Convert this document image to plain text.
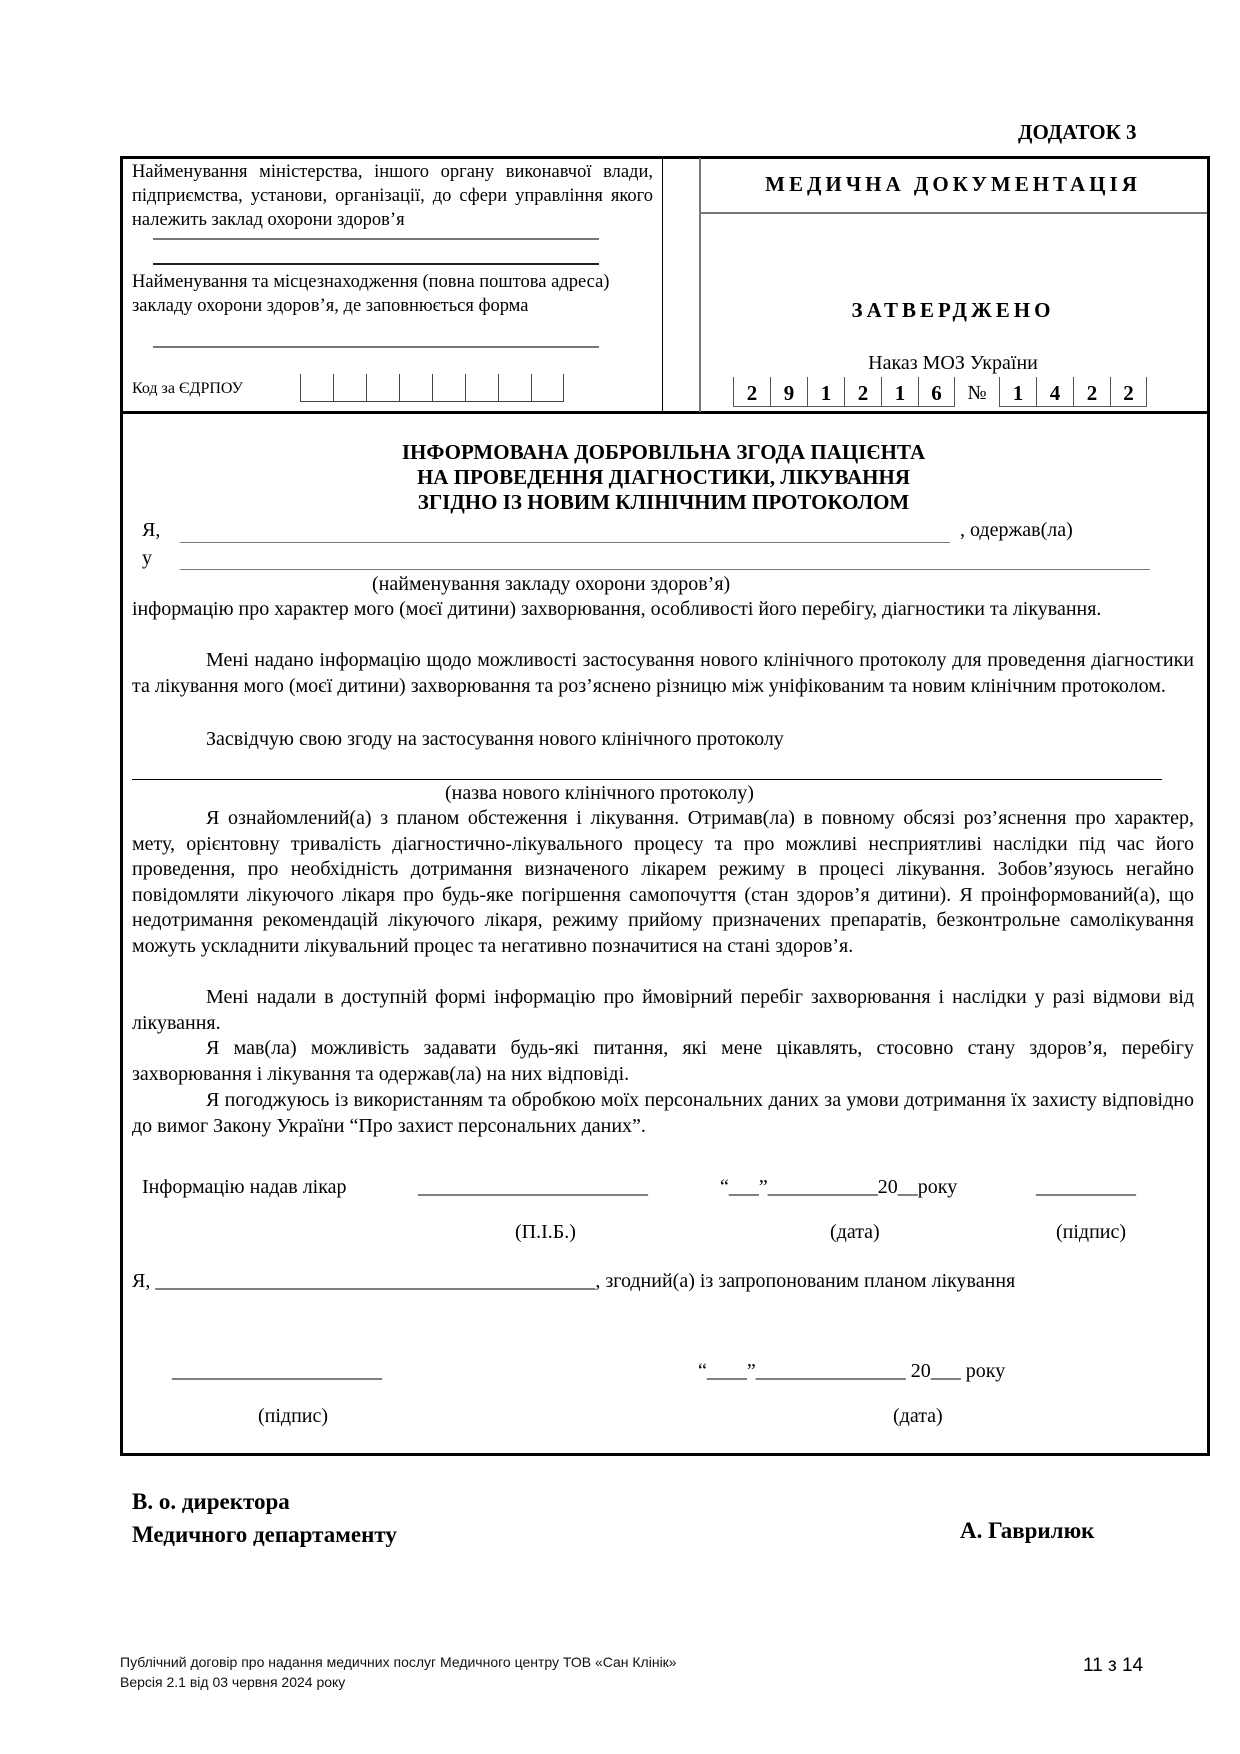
ДОДАТОК 3
Найменування міністерства, іншого органу виконавчої влади, підприємства, установи, організації, до сфери управління якого належить заклад охорони здоров’я
Найменування та місцезнаходження (повна поштова адреса) закладу охорони здоров’я, де заповнюється форма
Код за ЄДРПОУ
МЕДИЧНА ДОКУМЕНТАЦІЯ
ЗАТВЕРДЖЕНО
Наказ МОЗ України
2	9	1	2	1	6	№	1	4	2	2
ІНФОРМОВАНА ДОБРОВІЛЬНА ЗГОДА ПАЦІЄНТА
НА ПРОВЕДЕННЯ ДІАГНОСТИКИ, ЛІКУВАННЯ
ЗГІДНО ІЗ НОВИМ КЛІНІЧНИМ ПРОТОКОЛОМ
Я,	, одержав(ла)
у
(найменування закладу охорони здоров’я)
інформацію про характер мого (моєї дитини) захворювання, особливості його перебігу, діагностики та лікування.
Мені надано інформацію щодо можливості застосування нового клінічного протоколу для проведення діагностики та лікування мого (моєї дитини) захворювання та роз’яснено різницю між уніфікованим та новим клінічним протоколом.
Засвідчую свою згоду на застосування нового клінічного протоколу
(назва нового клінічного протоколу)
Я ознайомлений(а) з планом обстеження і лікування. Отримав(ла) в повному обсязі роз’яснення про характер, мету, орієнтовну тривалість діагностично-лікувального процесу та про можливі несприятливі наслідки під час його проведення, про необхідність дотримання визначеного лікарем режиму в процесі лікування. Зобов’язуюсь негайно повідомляти лікуючого лікаря про будь-яке погіршення самопочуття (стан здоров’я дитини). Я проінформований(а), що недотримання рекомендацій лікуючого лікаря, режиму прийому призначених препаратів, безконтрольне самолікування можуть ускладнити лікувальний процес та негативно позначитися на стані здоров’я.
Мені надали в доступній формі інформацію про ймовірний перебіг захворювання і наслідки у разі відмови від лікування.
Я мав(ла) можливість задавати будь-які питання, які мене цікавлять, стосовно стану здоров’я, перебігу захворювання і лікування та одержав(ла) на них відповіді.
Я погоджуюсь із використанням та обробкою моїх персональних даних за умови дотримання їх захисту відповідно до вимог Закону України “Про захист персональних даних”.
Інформацію надав лікар	_______________________	“___”___________20__року	__________
(П.І.Б.)	(дата)	(підпис)
Я, ____________________________________________, згодний(а) із запропонованим планом лікування
_____________________	“____”_______________ 20___ року
(підпис)	(дата)
В. о. директора
Медичного департаменту	А. Гаврилюк
Публічний договір про надання медичних послуг Медичного центру ТОВ «Сан Клінік»
Версія 2.1 від 03 червня 2024 року
11 з 14
